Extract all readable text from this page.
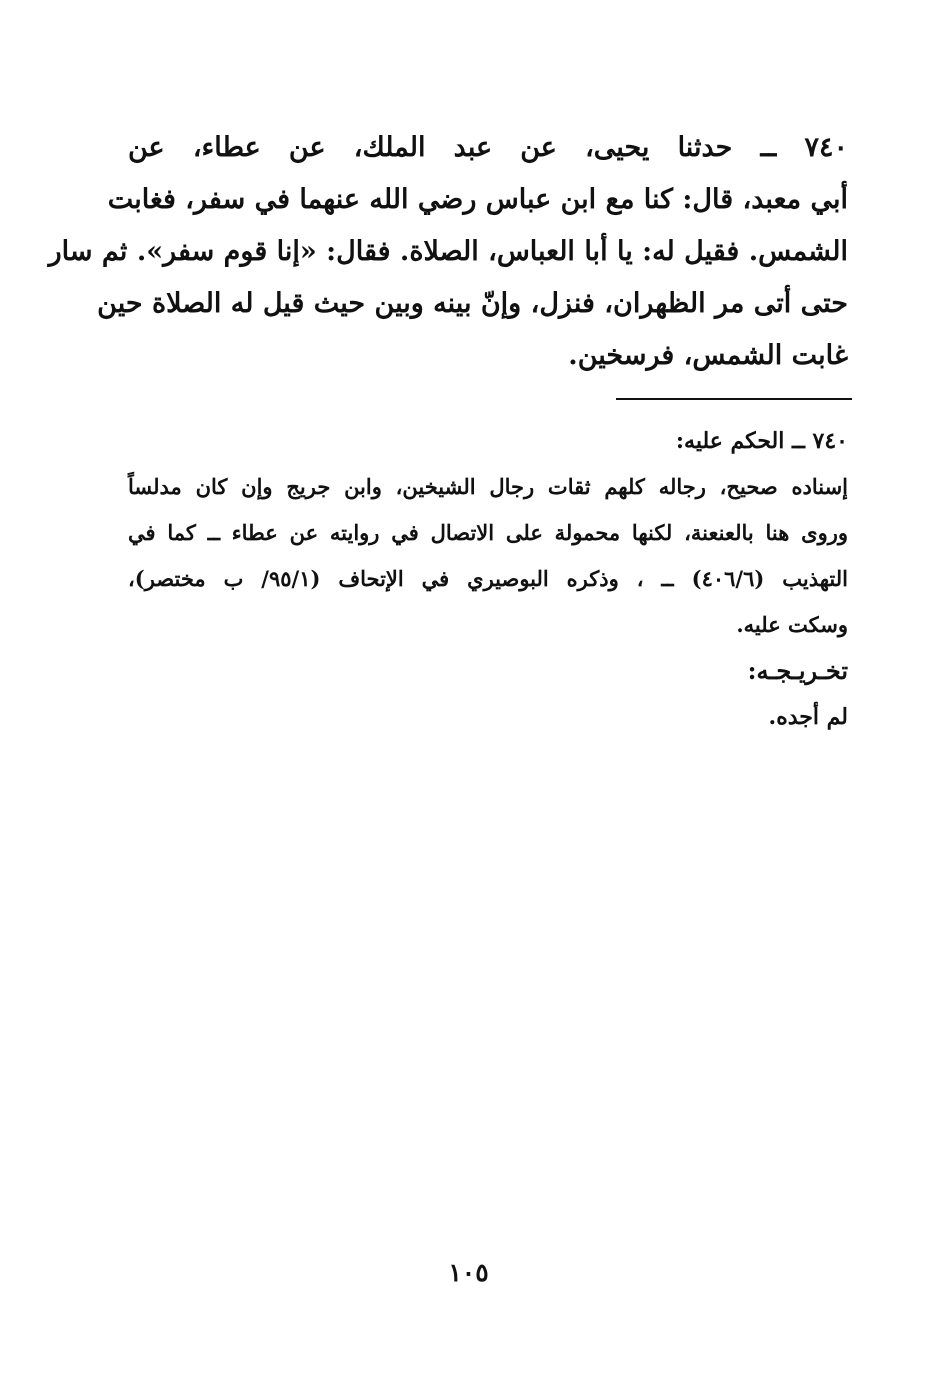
٧٤٠ ــ حدثنا يحيى، عن عبد الملك، عن عطاء، عن
أبي معبد، قال: كنا مع ابن عباس رضي الله عنهما في سفر، فغابت
الشمس. فقيل له: يا أبا العباس، الصلاة. فقال: «إنا قوم سفر». ثم سار
حتى أتى مر الظهران، فنزل، وإنّ بينه وبين حيث قيل له الصلاة حين
غابت الشمس، فرسخين.
٧٤٠ ــ الحكم عليه:
إسناده صحيح، رجاله كلهم ثقات رجال الشيخين، وابن جريج وإن كان مدلساً
وروى هنا بالعنعنة، لكنها محمولة على الاتصال في روايته عن عطاء ــ كما في
التهذيب (٤٠٦/٦) ــ ، وذكره البوصيري في الإتحاف (٩٥/١/ ب مختصر)،
وسكت عليه.
تخـريـجـه:
لم أجده.
١٠٥
